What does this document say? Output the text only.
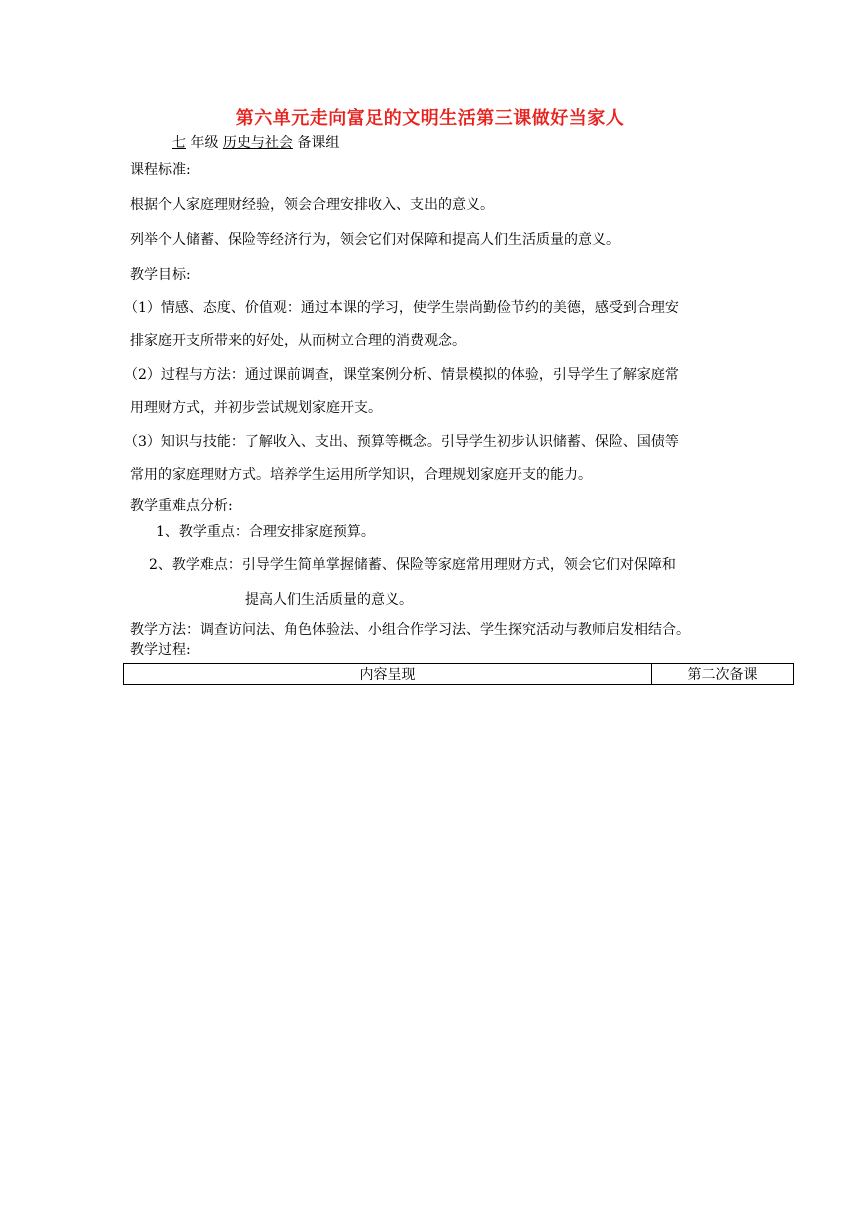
第六单元走向富足的文明生活第三课做好当家人
七 年级 历史与社会 备课组
课程标准:
根据个人家庭理财经验，领会合理安排收入、支出的意义。
列举个人储蓄、保险等经济行为，领会它们对保障和提高人们生活质量的意义。
教学目标:
（1）情感、态度、价值观：通过本课的学习，使学生崇尚勤俭节约的美德，感受到合理安
排家庭开支所带来的好处，从而树立合理的消费观念。
（2）过程与方法：通过课前调查，课堂案例分析、情景模拟的体验，引导学生了解家庭常
用理财方式，并初步尝试规划家庭开支。
（3）知识与技能：了解收入、支出、预算等概念。引导学生初步认识储蓄、保险、国债等
常用的家庭理财方式。培养学生运用所学知识，合理规划家庭开支的能力。
教学重难点分析:
1、教学重点：合理安排家庭预算。
2、教学难点：引导学生简单掌握储蓄、保险等家庭常用理财方式，领会它们对保障和
提高人们生活质量的意义。
教学方法：调查访问法、角色体验法、小组合作学习法、学生探究活动与教师启发相结合。
教学过程:
内容呈现	第二次备课
